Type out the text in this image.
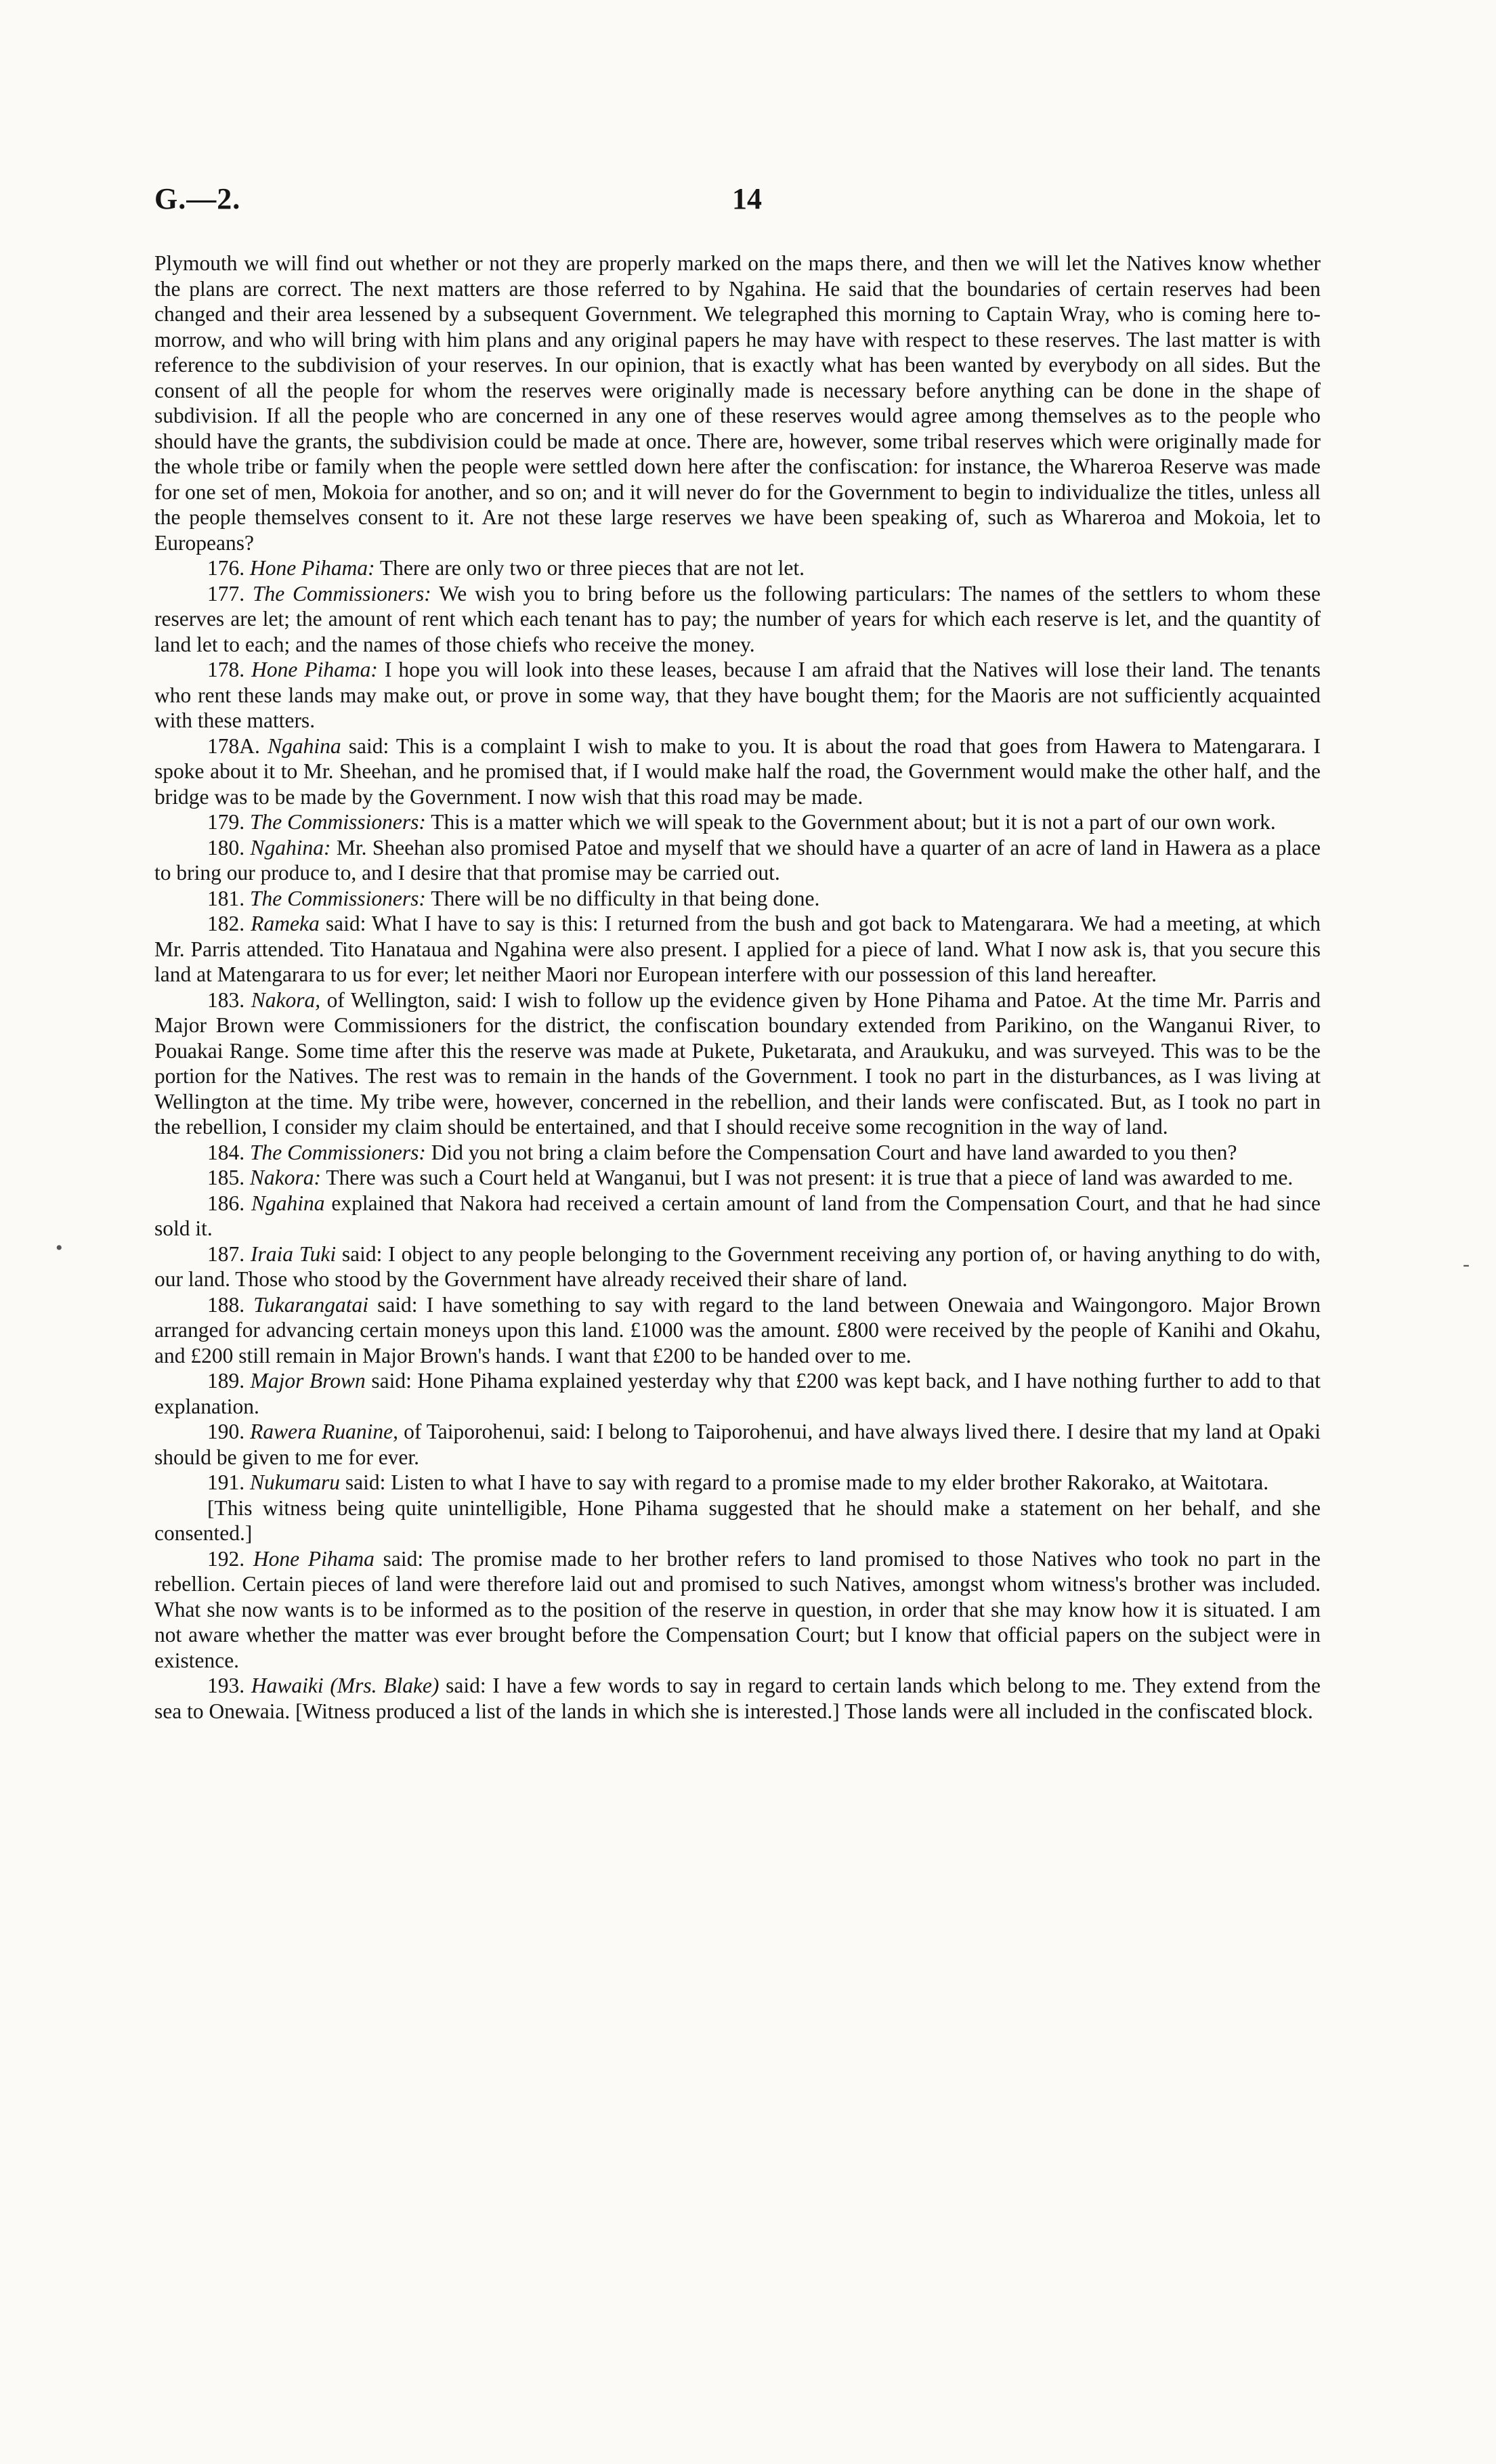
G.—2.	14

Plymouth we will find out whether or not they are properly marked on the maps there, and then we will let the Natives know whether the plans are correct. The next matters are those referred to by Ngahina. He said that the boundaries of certain reserves had been changed and their area lessened by a subsequent Government. We telegraphed this morning to Captain Wray, who is coming here to-morrow, and who will bring with him plans and any original papers he may have with respect to these reserves. The last matter is with reference to the subdivision of your reserves. In our opinion, that is exactly what has been wanted by everybody on all sides. But the consent of all the people for whom the reserves were originally made is necessary before anything can be done in the shape of subdivision. If all the people who are concerned in any one of these reserves would agree among themselves as to the people who should have the grants, the subdivision could be made at once. There are, however, some tribal reserves which were originally made for the whole tribe or family when the people were settled down here after the confiscation: for instance, the Whareroa Reserve was made for one set of men, Mokoia for another, and so on; and it will never do for the Government to begin to individualize the titles, unless all the people themselves consent to it. Are not these large reserves we have been speaking of, such as Whareroa and Mokoia, let to Europeans?

176. Hone Pihama: There are only two or three pieces that are not let.

177. The Commissioners: We wish you to bring before us the following particulars: The names of the settlers to whom these reserves are let; the amount of rent which each tenant has to pay; the number of years for which each reserve is let, and the quantity of land let to each; and the names of those chiefs who receive the money.

178. Hone Pihama: I hope you will look into these leases, because I am afraid that the Natives will lose their land. The tenants who rent these lands may make out, or prove in some way, that they have bought them; for the Maoris are not sufficiently acquainted with these matters.

178A. Ngahina said: This is a complaint I wish to make to you. It is about the road that goes from Hawera to Matengarara. I spoke about it to Mr. Sheehan, and he promised that, if I would make half the road, the Government would make the other half, and the bridge was to be made by the Government. I now wish that this road may be made.

179. The Commissioners: This is a matter which we will speak to the Government about; but it is not a part of our own work.

180. Ngahina: Mr. Sheehan also promised Patoe and myself that we should have a quarter of an acre of land in Hawera as a place to bring our produce to, and I desire that that promise may be carried out.

181. The Commissioners: There will be no difficulty in that being done.

182. Rameka said: What I have to say is this: I returned from the bush and got back to Matengarara. We had a meeting, at which Mr. Parris attended. Tito Hanataua and Ngahina were also present. I applied for a piece of land. What I now ask is, that you secure this land at Matengarara to us for ever; let neither Maori nor European interfere with our possession of this land hereafter.

183. Nakora, of Wellington, said: I wish to follow up the evidence given by Hone Pihama and Patoe. At the time Mr. Parris and Major Brown were Commissioners for the district, the confiscation boundary extended from Parikino, on the Wanganui River, to Pouakai Range. Some time after this the reserve was made at Pukete, Puketarata, and Araukuku, and was surveyed. This was to be the portion for the Natives. The rest was to remain in the hands of the Government. I took no part in the disturbances, as I was living at Wellington at the time. My tribe were, however, concerned in the rebellion, and their lands were confiscated. But, as I took no part in the rebellion, I consider my claim should be entertained, and that I should receive some recognition in the way of land.

184. The Commissioners: Did you not bring a claim before the Compensation Court and have land awarded to you then?

185. Nakora: There was such a Court held at Wanganui, but I was not present: it is true that a piece of land was awarded to me.

186. Ngahina explained that Nakora had received a certain amount of land from the Compensation Court, and that he had since sold it.

187. Iraia Tuki said: I object to any people belonging to the Government receiving any portion of, or having anything to do with, our land. Those who stood by the Government have already received their share of land.

188. Tukarangatai said: I have something to say with regard to the land between Onewaia and Waingongoro. Major Brown arranged for advancing certain moneys upon this land. £1000 was the amount. £800 were received by the people of Kanihi and Okahu, and £200 still remain in Major Brown's hands. I want that £200 to be handed over to me.

189. Major Brown said: Hone Pihama explained yesterday why that £200 was kept back, and I have nothing further to add to that explanation.

190. Rawera Ruanine, of Taiporohenui, said: I belong to Taiporohenui, and have always lived there. I desire that my land at Opaki should be given to me for ever.

191. Nukumaru said: Listen to what I have to say with regard to a promise made to my elder brother Rakorako, at Waitotara.

[This witness being quite unintelligible, Hone Pihama suggested that he should make a statement on her behalf, and she consented.]

192. Hone Pihama said: The promise made to her brother refers to land promised to those Natives who took no part in the rebellion. Certain pieces of land were therefore laid out and promised to such Natives, amongst whom witness's brother was included. What she now wants is to be informed as to the position of the reserve in question, in order that she may know how it is situated. I am not aware whether the matter was ever brought before the Compensation Court; but I know that official papers on the subject were in existence.

193. Hawaiki (Mrs. Blake) said: I have a few words to say in regard to certain lands which belong to me. They extend from the sea to Onewaia. [Witness produced a list of the lands in which she is interested.] Those lands were all included in the confiscated block.

‐
•
